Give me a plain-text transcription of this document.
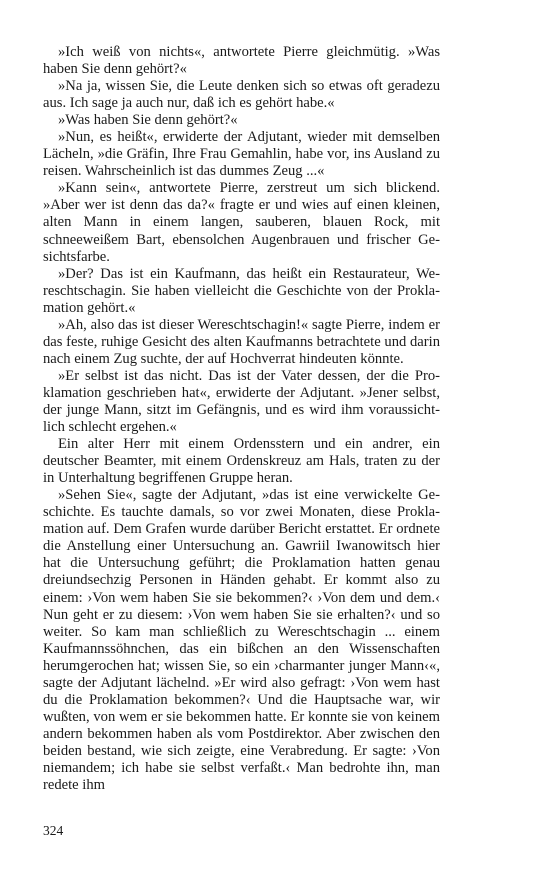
»Ich weiß von nichts«, antwortete Pierre gleichmütig. »Was haben Sie denn gehört?«

»Na ja, wissen Sie, die Leute denken sich so etwas oft geradezu aus. Ich sage ja auch nur, daß ich es gehört habe.«

»Was haben Sie denn gehört?«

»Nun, es heißt«, erwiderte der Adjutant, wieder mit demselben Lächeln, »die Gräfin, Ihre Frau Gemahlin, habe vor, ins Ausland zu reisen. Wahrscheinlich ist das dummes Zeug ...«

»Kann sein«, antwortete Pierre, zerstreut um sich blickend. »Aber wer ist denn das da?« fragte er und wies auf einen kleinen, alten Mann in einem langen, sauberen, blauen Rock, mit schneeweißem Bart, ebensolchen Augenbrauen und frischer Gesichtsfarbe.

»Der? Das ist ein Kaufmann, das heißt ein Restaurateur, Wereschtschagin. Sie haben vielleicht die Geschichte von der Proklamation gehört.«

»Ah, also das ist dieser Wereschtschagin!« sagte Pierre, indem er das feste, ruhige Gesicht des alten Kaufmanns betrachtete und darin nach einem Zug suchte, der auf Hochverrat hindeuten könnte.

»Er selbst ist das nicht. Das ist der Vater dessen, der die Proklamation geschrieben hat«, erwiderte der Adjutant. »Jener selbst, der junge Mann, sitzt im Gefängnis, und es wird ihm voraussichtlich schlecht ergehen.«

Ein alter Herr mit einem Ordensstern und ein andrer, ein deutscher Beamter, mit einem Ordenskreuz am Hals, traten zu der in Unterhaltung begriffenen Gruppe heran.

»Sehen Sie«, sagte der Adjutant, »das ist eine verwickelte Geschichte. Es tauchte damals, so vor zwei Monaten, diese Proklamation auf. Dem Grafen wurde darüber Bericht erstattet. Er ordnete die Anstellung einer Untersuchung an. Gawriil Iwanowitsch hier hat die Untersuchung geführt; die Proklamation hatten genau dreiundsechzig Personen in Händen gehabt. Er kommt also zu einem: ›Von wem haben Sie sie bekommen?‹ ›Von dem und dem.‹ Nun geht er zu diesem: ›Von wem haben Sie sie erhalten?‹ und so weiter. So kam man schließlich zu Wereschtschagin ... einem Kaufmannssöhnchen, das ein bißchen an den Wissenschaften herumgerochen hat; wissen Sie, so ein ›charmanter junger Mann‹«, sagte der Adjutant lächelnd. »Er wird also gefragt: ›Von wem hast du die Proklamation bekommen?‹ Und die Hauptsache war, wir wußten, von wem er sie bekommen hatte. Er konnte sie von keinem andern bekommen haben als vom Postdirektor. Aber zwischen den beiden bestand, wie sich zeigte, eine Verabredung. Er sagte: ›Von niemandem; ich habe sie selbst verfaßt.‹ Man bedrohte ihn, man redete ihm

324
